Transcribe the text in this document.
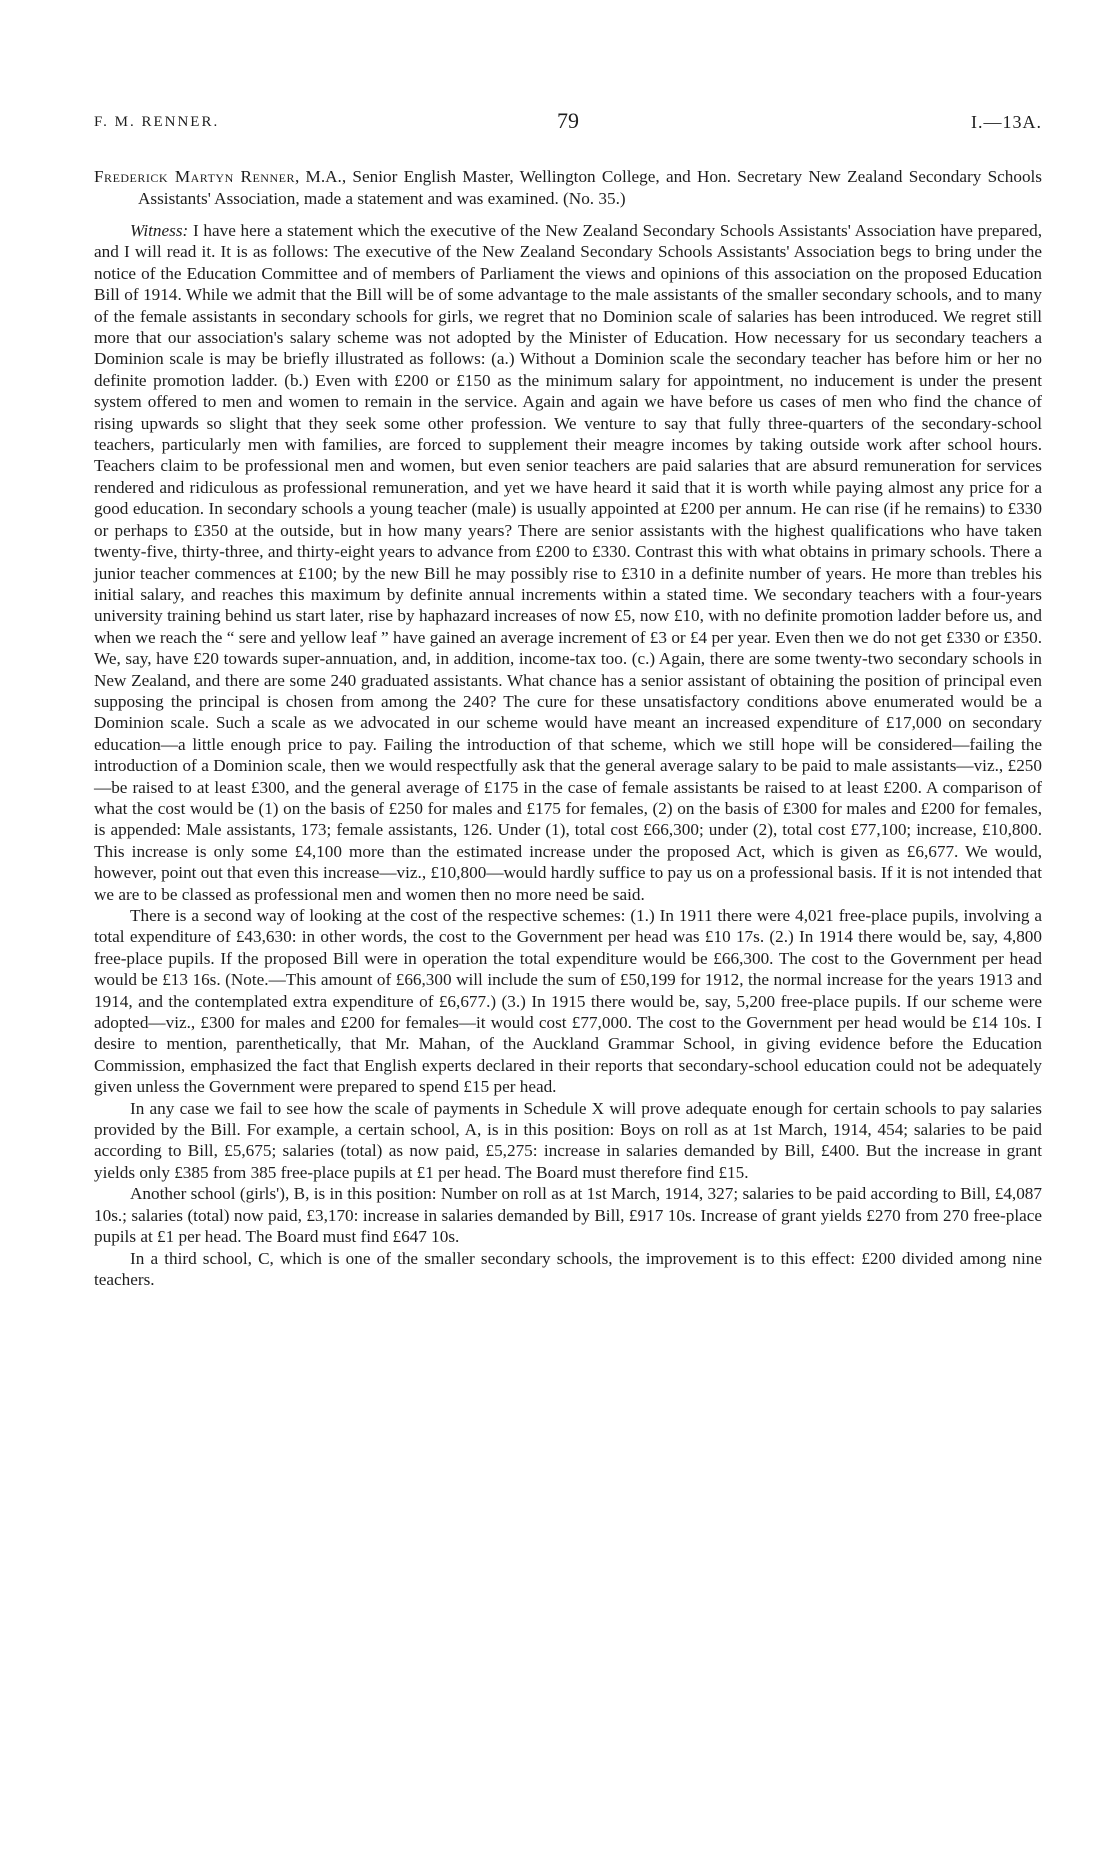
F. M. RENNER.	79	I.—13A.

Frederick Martyn Renner, M.A., Senior English Master, Wellington College, and Hon. Secretary New Zealand Secondary Schools Assistants' Association, made a statement and was examined. (No. 35.)

Witness: I have here a statement which the executive of the New Zealand Secondary Schools Assistants' Association have prepared, and I will read it. It is as follows: The executive of the New Zealand Secondary Schools Assistants' Association begs to bring under the notice of the Education Committee and of members of Parliament the views and opinions of this association on the proposed Education Bill of 1914. While we admit that the Bill will be of some advantage to the male assistants of the smaller secondary schools, and to many of the female assistants in secondary schools for girls, we regret that no Dominion scale of salaries has been introduced. We regret still more that our association's salary scheme was not adopted by the Minister of Education. How necessary for us secondary teachers a Dominion scale is may be briefly illustrated as follows: (a.) Without a Dominion scale the secondary teacher has before him or her no definite promotion ladder. (b.) Even with £200 or £150 as the minimum salary for appointment, no inducement is under the present system offered to men and women to remain in the service. Again and again we have before us cases of men who find the chance of rising upwards so slight that they seek some other profession. We venture to say that fully three-quarters of the secondary-school teachers, particularly men with families, are forced to supplement their meagre incomes by taking outside work after school hours. Teachers claim to be professional men and women, but even senior teachers are paid salaries that are absurd remuneration for services rendered and ridiculous as professional remuneration, and yet we have heard it said that it is worth while paying almost any price for a good education. In secondary schools a young teacher (male) is usually appointed at £200 per annum. He can rise (if he remains) to £330 or perhaps to £350 at the outside, but in how many years? There are senior assistants with the highest qualifications who have taken twenty-five, thirty-three, and thirty-eight years to advance from £200 to £330. Contrast this with what obtains in primary schools. There a junior teacher commences at £100; by the new Bill he may possibly rise to £310 in a definite number of years. He more than trebles his initial salary, and reaches this maximum by definite annual increments within a stated time. We secondary teachers with a four-years university training behind us start later, rise by haphazard increases of now £5, now £10, with no definite promotion ladder before us, and when we reach the “ sere and yellow leaf ” have gained an average increment of £3 or £4 per year. Even then we do not get £330 or £350. We, say, have £20 towards super-annuation, and, in addition, income-tax too. (c.) Again, there are some twenty-two secondary schools in New Zealand, and there are some 240 graduated assistants. What chance has a senior assistant of obtaining the position of principal even supposing the principal is chosen from among the 240? The cure for these unsatisfactory conditions above enumerated would be a Dominion scale. Such a scale as we advocated in our scheme would have meant an increased expenditure of £17,000 on secondary education—a little enough price to pay. Failing the introduction of that scheme, which we still hope will be considered—failing the introduction of a Dominion scale, then we would respectfully ask that the general average salary to be paid to male assistants—viz., £250—be raised to at least £300, and the general average of £175 in the case of female assistants be raised to at least £200. A comparison of what the cost would be (1) on the basis of £250 for males and £175 for females, (2) on the basis of £300 for males and £200 for females, is appended: Male assistants, 173; female assistants, 126. Under (1), total cost £66,300; under (2), total cost £77,100; increase, £10,800. This increase is only some £4,100 more than the estimated increase under the proposed Act, which is given as £6,677. We would, however, point out that even this increase—viz., £10,800—would hardly suffice to pay us on a professional basis. If it is not intended that we are to be classed as professional men and women then no more need be said.

There is a second way of looking at the cost of the respective schemes: (1.) In 1911 there were 4,021 free-place pupils, involving a total expenditure of £43,630: in other words, the cost to the Government per head was £10 17s. (2.) In 1914 there would be, say, 4,800 free-place pupils. If the proposed Bill were in operation the total expenditure would be £66,300. The cost to the Government per head would be £13 16s. (Note.—This amount of £66,300 will include the sum of £50,199 for 1912, the normal increase for the years 1913 and 1914, and the contemplated extra expenditure of £6,677.) (3.) In 1915 there would be, say, 5,200 free-place pupils. If our scheme were adopted—viz., £300 for males and £200 for females—it would cost £77,000. The cost to the Government per head would be £14 10s. I desire to mention, parenthetically, that Mr. Mahan, of the Auckland Grammar School, in giving evidence before the Education Commission, emphasized the fact that English experts declared in their reports that secondary-school education could not be adequately given unless the Government were prepared to spend £15 per head.

In any case we fail to see how the scale of payments in Schedule X will prove adequate enough for certain schools to pay salaries provided by the Bill. For example, a certain school, A, is in this position: Boys on roll as at 1st March, 1914, 454; salaries to be paid according to Bill, £5,675; salaries (total) as now paid, £5,275: increase in salaries demanded by Bill, £400. But the increase in grant yields only £385 from 385 free-place pupils at £1 per head. The Board must therefore find £15.

Another school (girls'), B, is in this position: Number on roll as at 1st March, 1914, 327; salaries to be paid according to Bill, £4,087 10s.; salaries (total) now paid, £3,170: increase in salaries demanded by Bill, £917 10s. Increase of grant yields £270 from 270 free-place pupils at £1 per head. The Board must find £647 10s.

In a third school, C, which is one of the smaller secondary schools, the improvement is to this effect: £200 divided among nine teachers.
